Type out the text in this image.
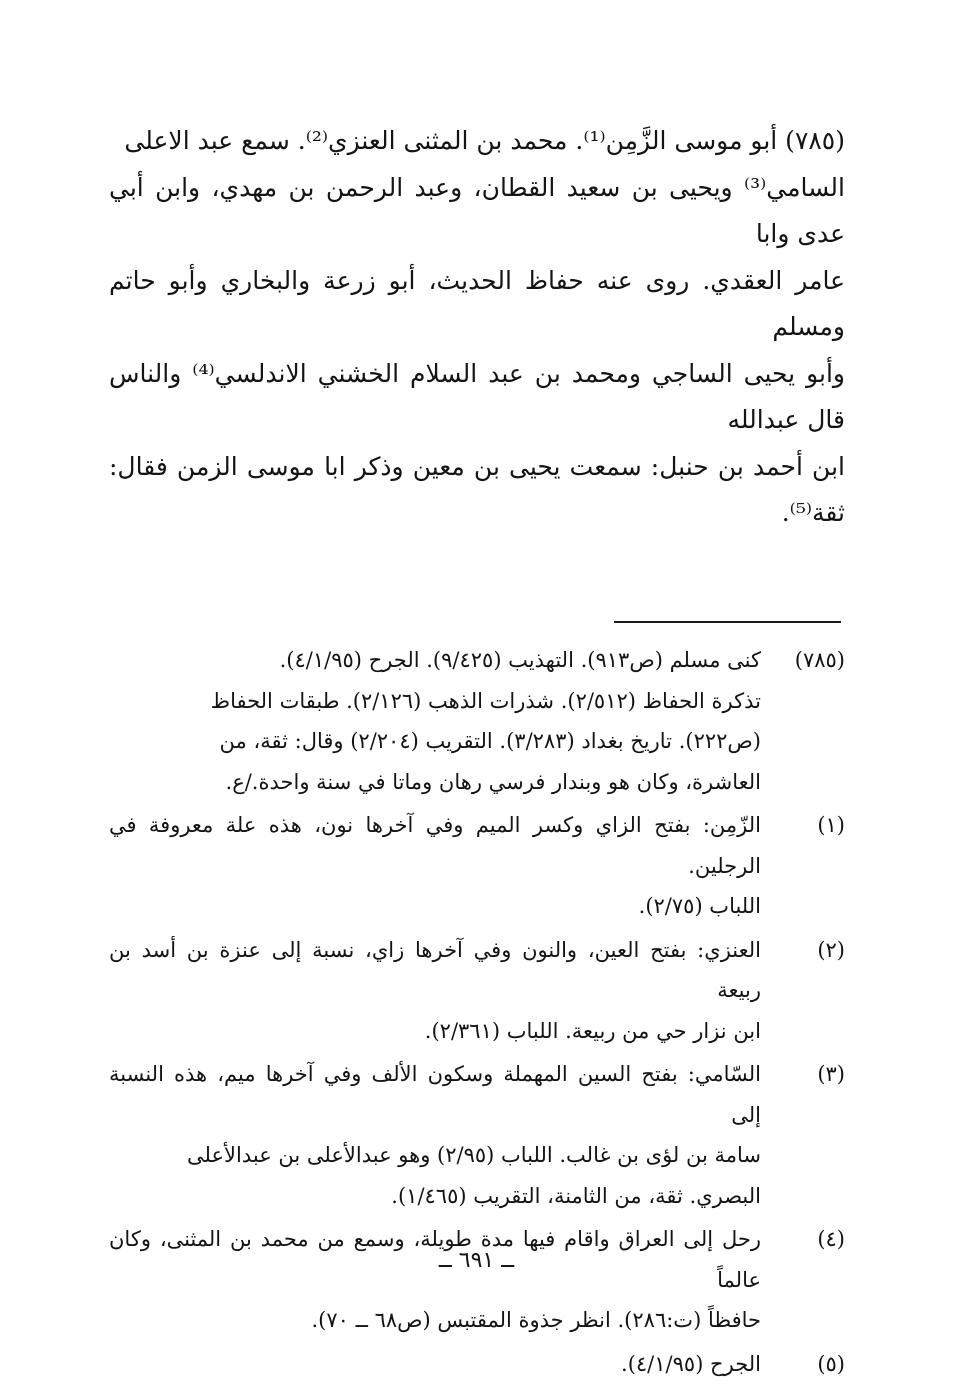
(٧٨٥) أبو موسى الزَّمِن⁽¹⁾. محمد بن المثنى العنزي⁽²⁾. سمع عبد الاعلى

السامي⁽³⁾ ويحيى بن سعيد القطان، وعبد الرحمن بن مهدي، وابن أبي عدى وابا

عامر العقدي. روى عنه حفاظ الحديث، أبو زرعة والبخاري وأبو حاتم ومسلم

وأبو يحيى الساجي ومحمد بن عبد السلام الخشني الاندلسي⁽⁴⁾ والناس قال عبدالله

ابن أحمد بن حنبل: سمعت يحيى بن معين وذكر ابا موسى الزمن فقال: ثقة⁽⁵⁾.

(٧٨٥)
كنى مسلم (ص٩١٣). التهذيب (٩/٤٢٥). الجرح (٤/١/٩٥).
تذكرة الحفاظ (٢/٥١٢). شذرات الذهب (٢/١٢٦). طبقات الحفاظ
(ص٢٢٢). تاريخ بغداد (٣/٢٨٣). التقريب (٢/٢٠٤) وقال: ثقة، من
العاشرة، وكان هو وبندار فرسي رهان وماتا في سنة واحدة./ع.
(١)
الزّمِن: بفتح الزاي وكسر الميم وفي آخرها نون، هذه علة معروفة في الرجلين.
اللباب (٢/٧٥).
(٢)
العنزي: بفتح العين، والنون وفي آخرها زاي، نسبة إلى عنزة بن أسد بن ربيعة
ابن نزار حي من ربيعة. اللباب (٢/٣٦١).
(٣)
السّامي: بفتح السين المهملة وسكون الألف وفي آخرها ميم، هذه النسبة إلى
سامة بن لؤى بن غالب. اللباب (٢/٩٥) وهو عبدالأعلى بن عبدالأعلى
البصري. ثقة، من الثامنة، التقريب (١/٤٦٥).
(٤)
رحل إلى العراق واقام فيها مدة طويلة، وسمع من محمد بن المثنى، وكان عالماً
حافظاً (ت:٢٨٦). انظر جذوة المقتبس (ص٦٨ ــ ٧٠).
(٥)
الجرح (٤/١/٩٥).
ــ ٦٩١ ــ
